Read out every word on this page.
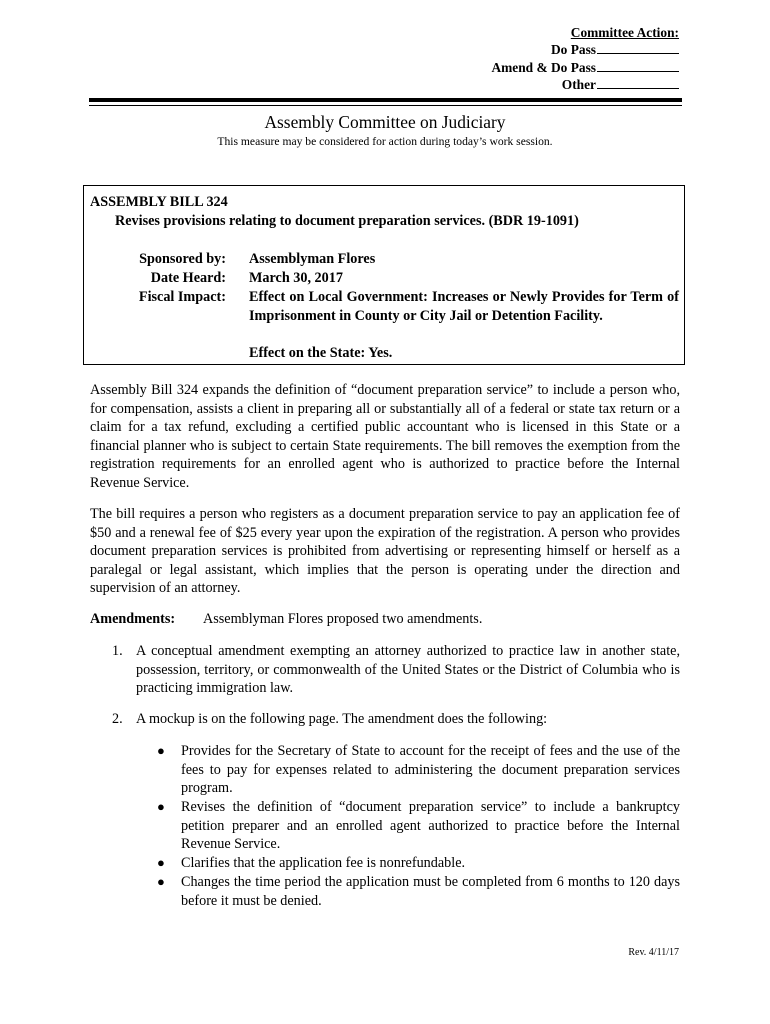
Committee Action:
Do Pass
Amend & Do Pass
Other
Assembly Committee on Judiciary
This measure may be considered for action during today’s work session.
ASSEMBLY BILL 324
Revises provisions relating to document preparation services. (BDR 19-1091)
Sponsored by: Assemblyman Flores
Date Heard: March 30, 2017
Fiscal Impact: Effect on Local Government: Increases or Newly Provides for Term of Imprisonment in County or City Jail or Detention Facility.
Effect on the State: Yes.
Assembly Bill 324 expands the definition of “document preparation service” to include a person who, for compensation, assists a client in preparing all or substantially all of a federal or state tax return or a claim for a tax refund, excluding a certified public accountant who is licensed in this State or a financial planner who is subject to certain State requirements. The bill removes the exemption from the registration requirements for an enrolled agent who is authorized to practice before the Internal Revenue Service.
The bill requires a person who registers as a document preparation service to pay an application fee of $50 and a renewal fee of $25 every year upon the expiration of the registration. A person who provides document preparation services is prohibited from advertising or representing himself or herself as a paralegal or legal assistant, which implies that the person is operating under the direction and supervision of an attorney.
Amendments: Assemblyman Flores proposed two amendments.
1. A conceptual amendment exempting an attorney authorized to practice law in another state, possession, territory, or commonwealth of the United States or the District of Columbia who is practicing immigration law.
2. A mockup is on the following page. The amendment does the following:
● Provides for the Secretary of State to account for the receipt of fees and the use of the fees to pay for expenses related to administering the document preparation services program.
● Revises the definition of “document preparation service” to include a bankruptcy petition preparer and an enrolled agent authorized to practice before the Internal Revenue Service.
● Clarifies that the application fee is nonrefundable.
● Changes the time period the application must be completed from 6 months to 120 days before it must be denied.
Rev. 4/11/17
